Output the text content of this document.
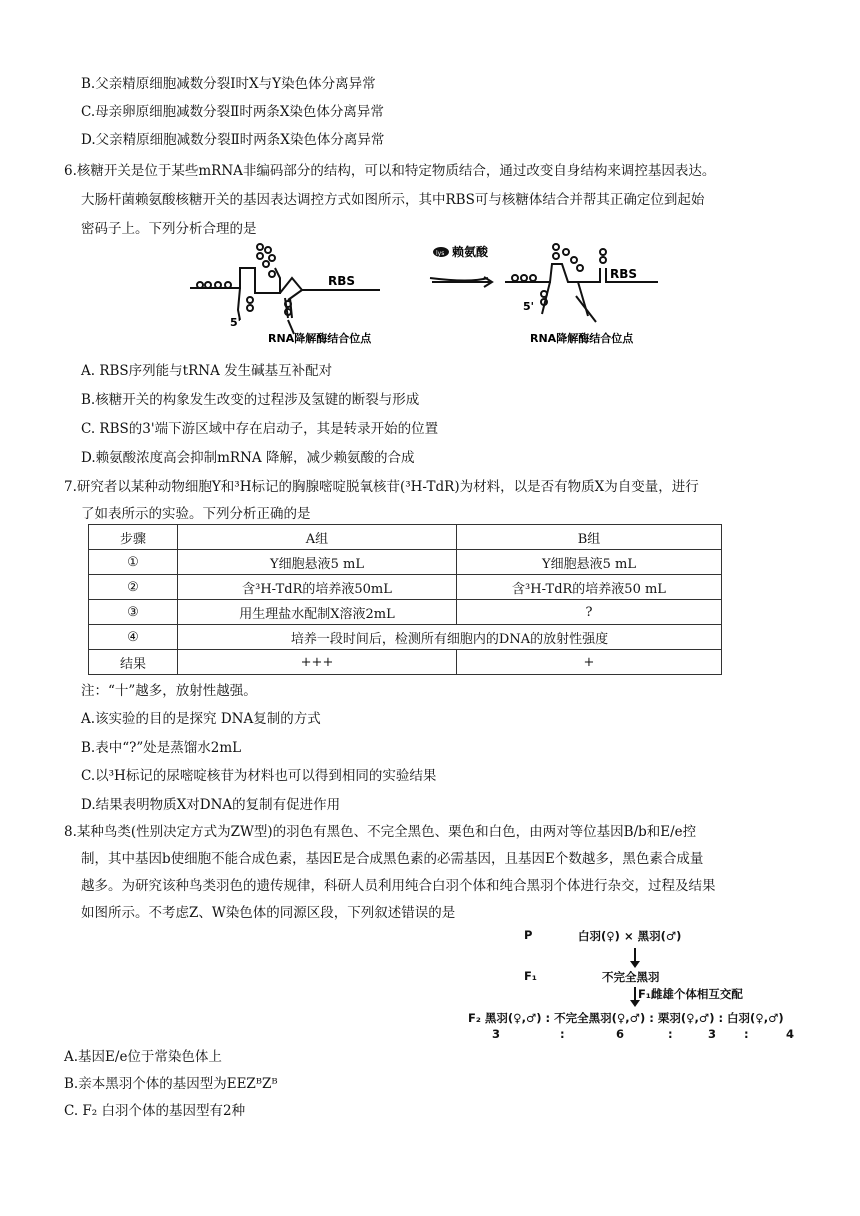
B.父亲精原细胞减数分裂Ⅰ时X与Y染色体分离异常
C.母亲卵原细胞减数分裂Ⅱ时两条X染色体分离异常
D.父亲精原细胞减数分裂Ⅱ时两条X染色体分离异常
6.核糖开关是位于某些mRNA非编码部分的结构，可以和特定物质结合，通过改变自身结构来调控基因表达。
大肠杆菌赖氨酸核糖开关的基因表达调控方式如图所示，其中RBS可与核糖体结合并帮其正确定位到起始
密码子上。下列分析合理的是
RBS
5'
RNA降解酶结合位点
lys 赖氨酸
RBS
5'
RNA降解酶结合位点
A. RBS序列能与tRNA 发生碱基互补配对
B.核糖开关的构象发生改变的过程涉及氢键的断裂与形成
C. RBS的3'端下游区域中存在启动子，其是转录开始的位置
D.赖氨酸浓度高会抑制mRNA 降解，减少赖氨酸的合成
7.研究者以某种动物细胞Y和³H标记的胸腺嘧啶脱氧核苷(³H-TdR)为材料，以是否有物质X为自变量，进行
了如表所示的实验。下列分析正确的是
步骤	A组	B组
①	Y细胞悬液5 mL	Y细胞悬液5 mL
②	含³H-TdR的培养液50mL	含³H-TdR的培养液50 mL
③	用生理盐水配制X溶液2mL	?
④	培养一段时间后，检测所有细胞内的DNA的放射性强度	
结果	+++	+
注：“十”越多，放射性越强。
A.该实验的目的是探究 DNA复制的方式
B.表中“?”处是蒸馏水2mL
C.以³H标记的尿嘧啶核苷为材料也可以得到相同的实验结果
D.结果表明物质X对DNA的复制有促进作用
8.某种鸟类(性别决定方式为ZW型)的羽色有黑色、不完全黑色、栗色和白色，由两对等位基因B/b和E/e控
制，其中基因b使细胞不能合成色素，基因E是合成黑色素的必需基因，且基因E个数越多，黑色素合成量
越多。为研究该种鸟类羽色的遗传规律，科研人员利用纯合白羽个体和纯合黑羽个体进行杂交，过程及结果
如图所示。不考虑Z、W染色体的同源区段，下列叙述错误的是
P	白羽(♀) × 黑羽(♂)
F₁	不完全黑羽
F₁雌雄个体相互交配
F₂ 黑羽(♀,♂) : 不完全黑羽(♀,♂) : 栗羽(♀,♂) : 白羽(♀,♂)
3	:	6	:	3 :	4
A.基因E/e位于常染色体上
B.亲本黑羽个体的基因型为EEZᴮZᴮ
C. F₂ 白羽个体的基因型有2种
